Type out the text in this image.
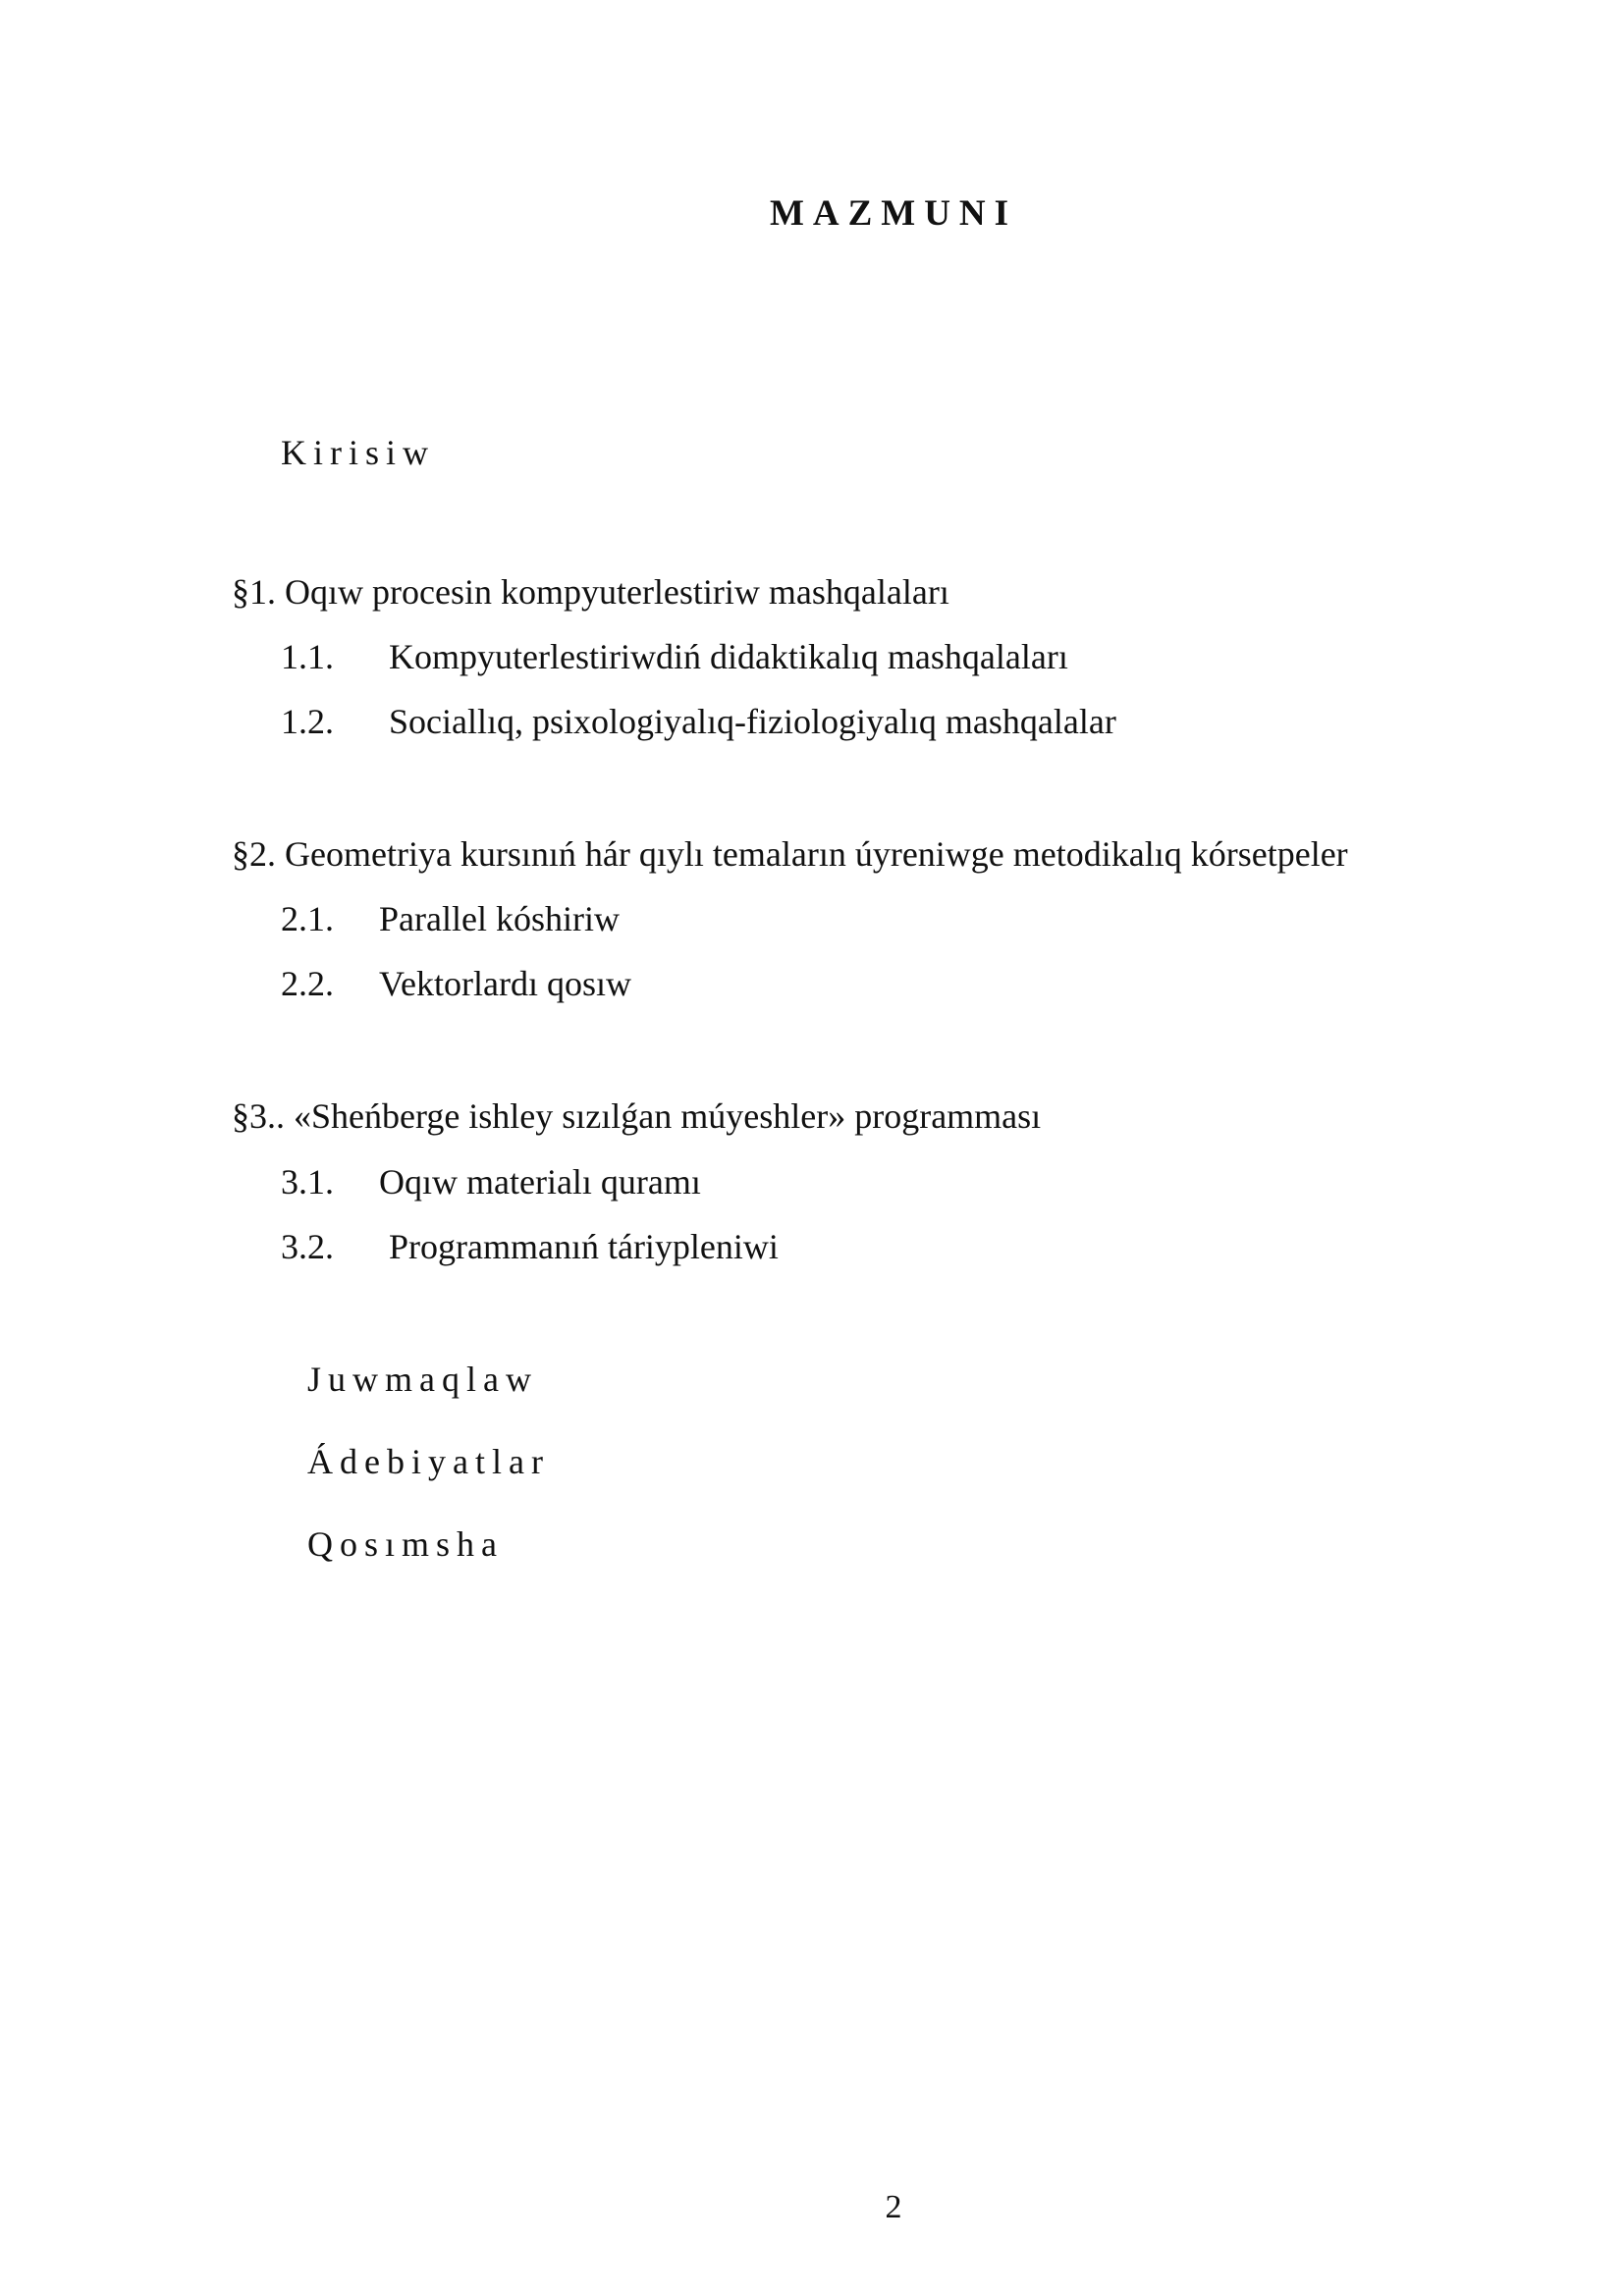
MAZMUNI
Kirisiw
§1. Oqıw procesin kompyuterlestiriw mashqalaları
1.1. Kompyuterlestiriwdiń didaktikalıq mashqalaları
1.2. Sociallıq, psixologiyalıq-fiziologiyalıq mashqalalar
§2. Geometriya kursınıń hár qıylı temaların úyreniwge metodikalıq kórsetpeler
2.1. Parallel kóshiriw
2.2. Vektorlardı qosıw
§3.. «Sheńberge ishley sızılǵan múyeshler» programması
3.1. Oqıw materialı quramı
3.2. Programmanıń táriypleniwi
Juwmaqlaw
Ádebiyatlar
Qosımsha
2
